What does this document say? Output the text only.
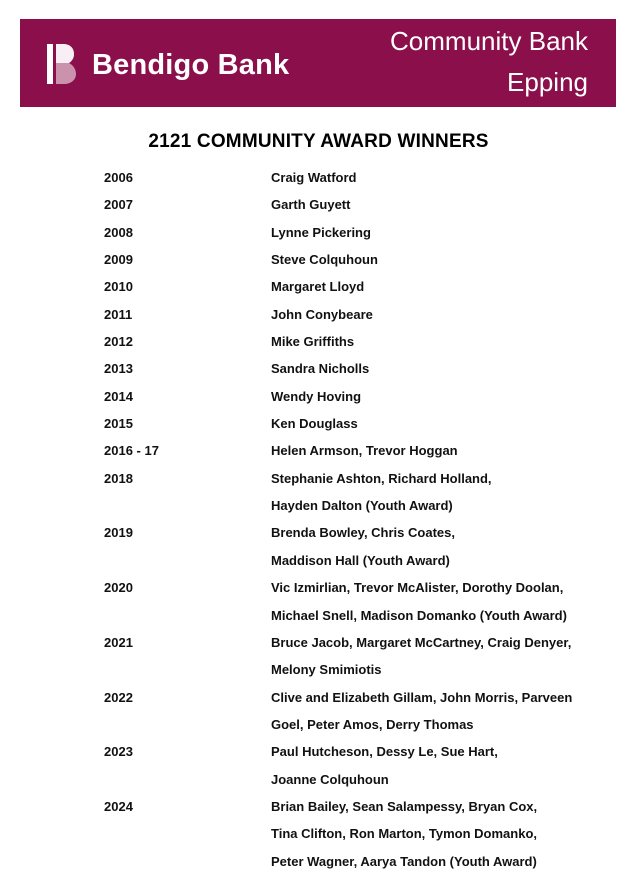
Bendigo Bank
Community Bank
Epping
2121 COMMUNITY AWARD WINNERS
2006	Craig Watford
2007	Garth Guyett
2008	Lynne Pickering
2009	Steve Colquhoun
2010	Margaret Lloyd
2011	John Conybeare
2012	Mike Griffiths
2013	Sandra Nicholls
2014	Wendy Hoving
2015	Ken Douglass
2016 - 17	Helen Armson, Trevor Hoggan
2018	Stephanie Ashton, Richard Holland,
Hayden Dalton (Youth Award)
2019	Brenda Bowley, Chris Coates,
Maddison Hall (Youth Award)
2020	Vic Izmirlian, Trevor McAlister, Dorothy Doolan,
Michael Snell, Madison Domanko (Youth Award)
2021	Bruce Jacob, Margaret McCartney, Craig Denyer,
Melony Smimiotis
2022	Clive and Elizabeth Gillam, John Morris, Parveen
Goel, Peter Amos, Derry Thomas
2023	Paul Hutcheson, Dessy Le, Sue Hart,
Joanne Colquhoun
2024	Brian Bailey, Sean Salampessy, Bryan Cox,
Tina Clifton, Ron Marton, Tymon Domanko,
Peter Wagner, Aarya Tandon (Youth Award)
